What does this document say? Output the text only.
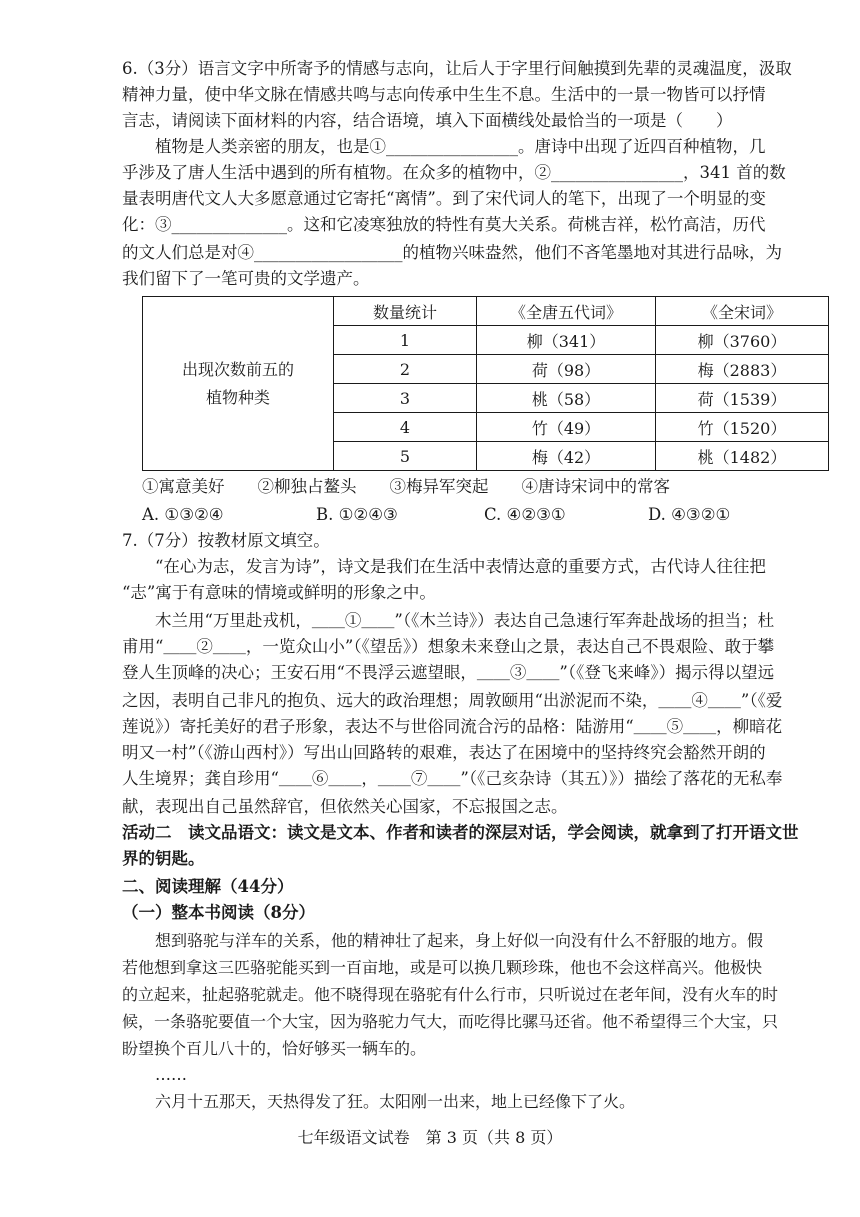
6.（3分）语言文字中所寄予的情感与志向，让后人于字里行间触摸到先辈的灵魂温度，汲取
精神力量，使中华文脉在情感共鸣与志向传承中生生不息。生活中的一景一物皆可以抒情
言志，请阅读下面材料的内容，结合语境，填入下面横线处最恰当的一项是（　　）
植物是人类亲密的朋友，也是①________________。唐诗中出现了近四百种植物，几
乎涉及了唐人生活中遇到的所有植物。在众多的植物中，②________________，341 首的数
量表明唐代文人大多愿意通过它寄托“离情”。到了宋代词人的笔下，出现了一个明显的变
化：③______________。这和它凌寒独放的特性有莫大关系。荷桃吉祥，松竹高洁，历代
的文人们总是对④__________________的植物兴味盎然，他们不吝笔墨地对其进行品咏，为
我们留下了一笔可贵的文学遗产。
出现次数前五的植物种类	数量统计	《全唐五代词》	《全宋词》
	1	柳（341）	柳（3760）
	2	荷（98）	梅（2883）
	3	桃（58）	荷（1539）
	4	竹（49）	竹（1520）
	5	梅（42）	桃（1482）
①寓意美好　　②柳独占鳌头　　③梅异军突起　　④唐诗宋词中的常客
A. ①③②④	B. ①②④③	C. ④②③①	D. ④③②①
7.（7分）按教材原文填空。
“在心为志，发言为诗”，诗文是我们在生活中表情达意的重要方式，古代诗人往往把
“志”寓于有意味的情境或鲜明的形象之中。
木兰用“万里赴戎机，＿＿①＿＿”（《木兰诗》）表达自己急速行军奔赴战场的担当；杜
甫用“＿＿②＿＿，一览众山小”（《望岳》）想象未来登山之景，表达自己不畏艰险、敢于攀
登人生顶峰的决心；王安石用“不畏浮云遮望眼，＿＿③＿＿”（《登飞来峰》）揭示得以望远
之因，表明自己非凡的抱负、远大的政治理想；周敦颐用“出淤泥而不染，＿＿④＿＿”（《爱
莲说》）寄托美好的君子形象，表达不与世俗同流合污的品格：陆游用“＿＿⑤＿＿，柳暗花
明又一村”（《游山西村》）写出山回路转的艰难，表达了在困境中的坚持终究会豁然开朗的
人生境界；龚自珍用“＿＿⑥＿＿，＿＿⑦＿＿”（《己亥杂诗（其五）》）描绘了落花的无私奉
献，表现出自己虽然辞官，但依然关心国家，不忘报国之志。
活动二　读文品语文：读文是文本、作者和读者的深层对话，学会阅读，就拿到了打开语文世
界的钥匙。
二、阅读理解（44分）
（一）整本书阅读（8分）
想到骆驼与洋车的关系，他的精神壮了起来，身上好似一向没有什么不舒服的地方。假
若他想到拿这三匹骆驼能买到一百亩地，或是可以换几颗珍珠，他也不会这样高兴。他极快
的立起来，扯起骆驼就走。他不晓得现在骆驼有什么行市，只听说过在老年间，没有火车的时
候，一条骆驼要值一个大宝，因为骆驼力气大，而吃得比骡马还省。他不希望得三个大宝，只
盼望换个百儿八十的，恰好够买一辆车的。
……
六月十五那天，天热得发了狂。太阳刚一出来，地上已经像下了火。
七年级语文试卷　第 3 页（共 8 页）
